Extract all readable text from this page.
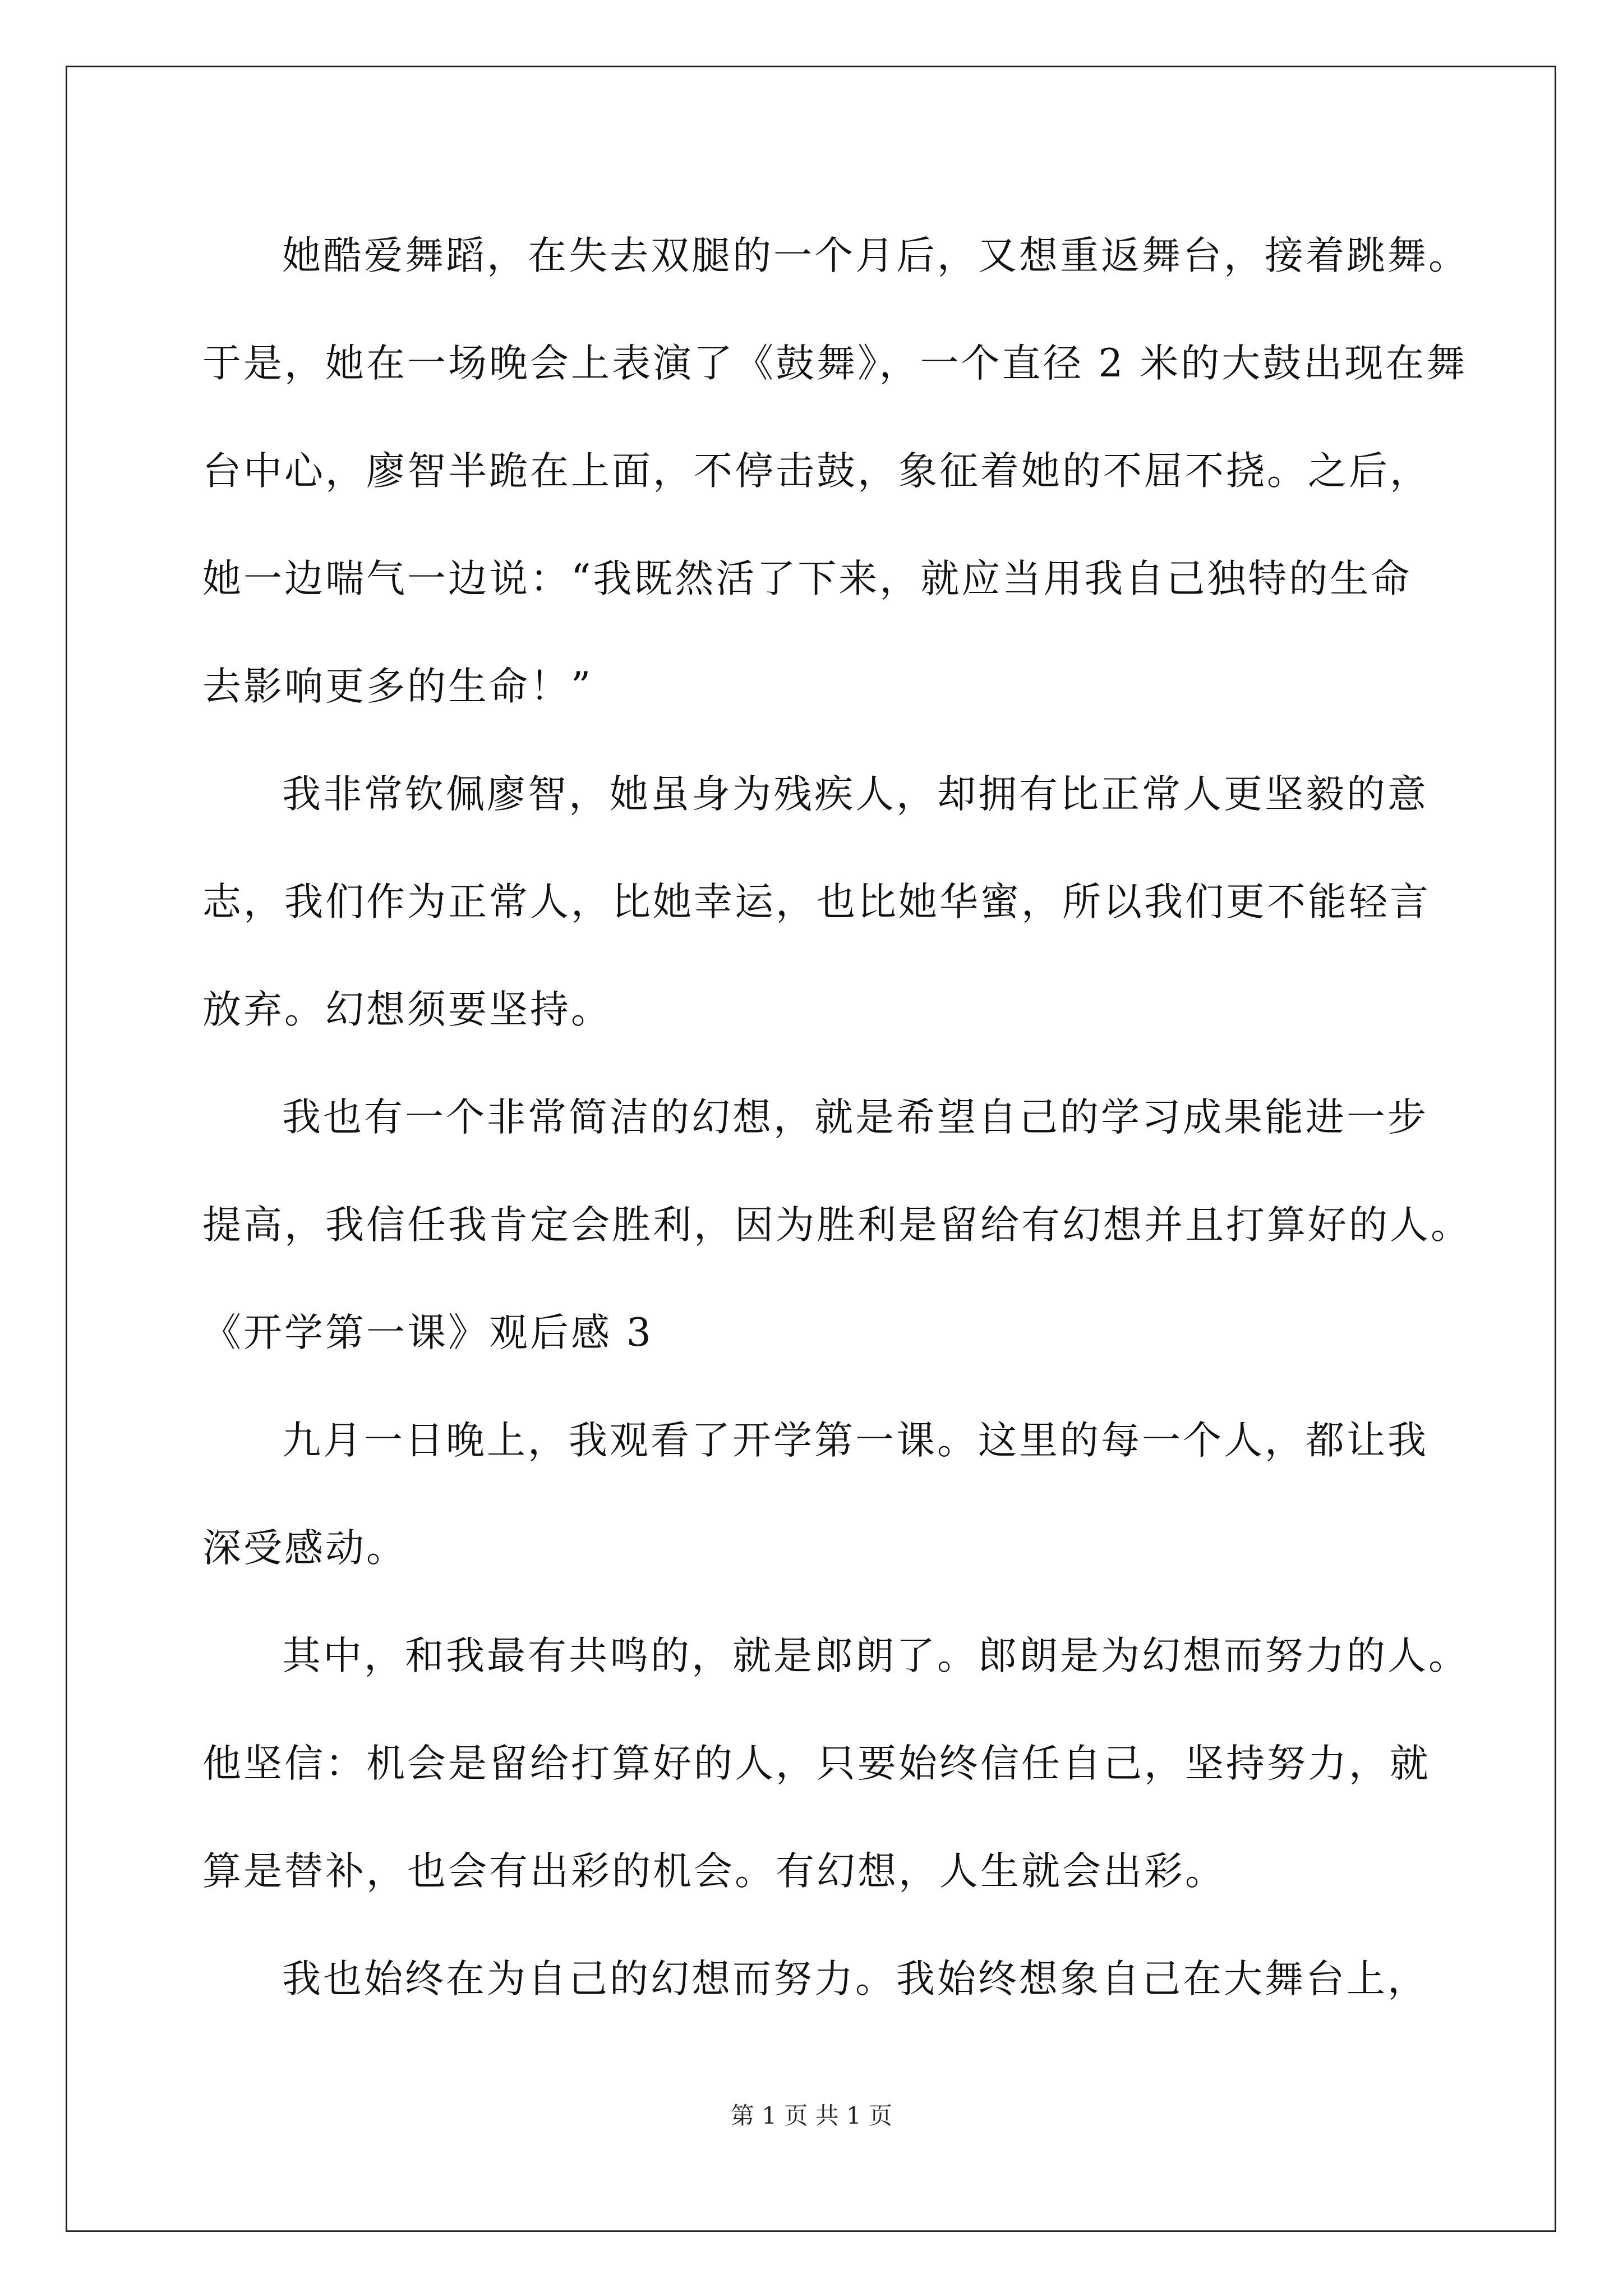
她酷爱舞蹈，在失去双腿的一个月后，又想重返舞台，接着跳舞。
于是，她在一场晚会上表演了《鼓舞》，一个直径 2 米的大鼓出现在舞
台中心，廖智半跪在上面，不停击鼓，象征着她的不屈不挠。之后，
她一边喘气一边说：“我既然活了下来，就应当用我自己独特的生命
去影响更多的生命！”
我非常钦佩廖智，她虽身为残疾人，却拥有比正常人更坚毅的意
志，我们作为正常人，比她幸运，也比她华蜜，所以我们更不能轻言
放弃。幻想须要坚持。
我也有一个非常简洁的幻想，就是希望自己的学习成果能进一步
提高，我信任我肯定会胜利，因为胜利是留给有幻想并且打算好的人。
《开学第一课》观后感 3
九月一日晚上，我观看了开学第一课。这里的每一个人，都让我
深受感动。
其中，和我最有共鸣的，就是郎朗了。郎朗是为幻想而努力的人。
他坚信：机会是留给打算好的人，只要始终信任自己，坚持努力，就
算是替补，也会有出彩的机会。有幻想，人生就会出彩。
我也始终在为自己的幻想而努力。我始终想象自己在大舞台上，
第 1 页 共 1 页
